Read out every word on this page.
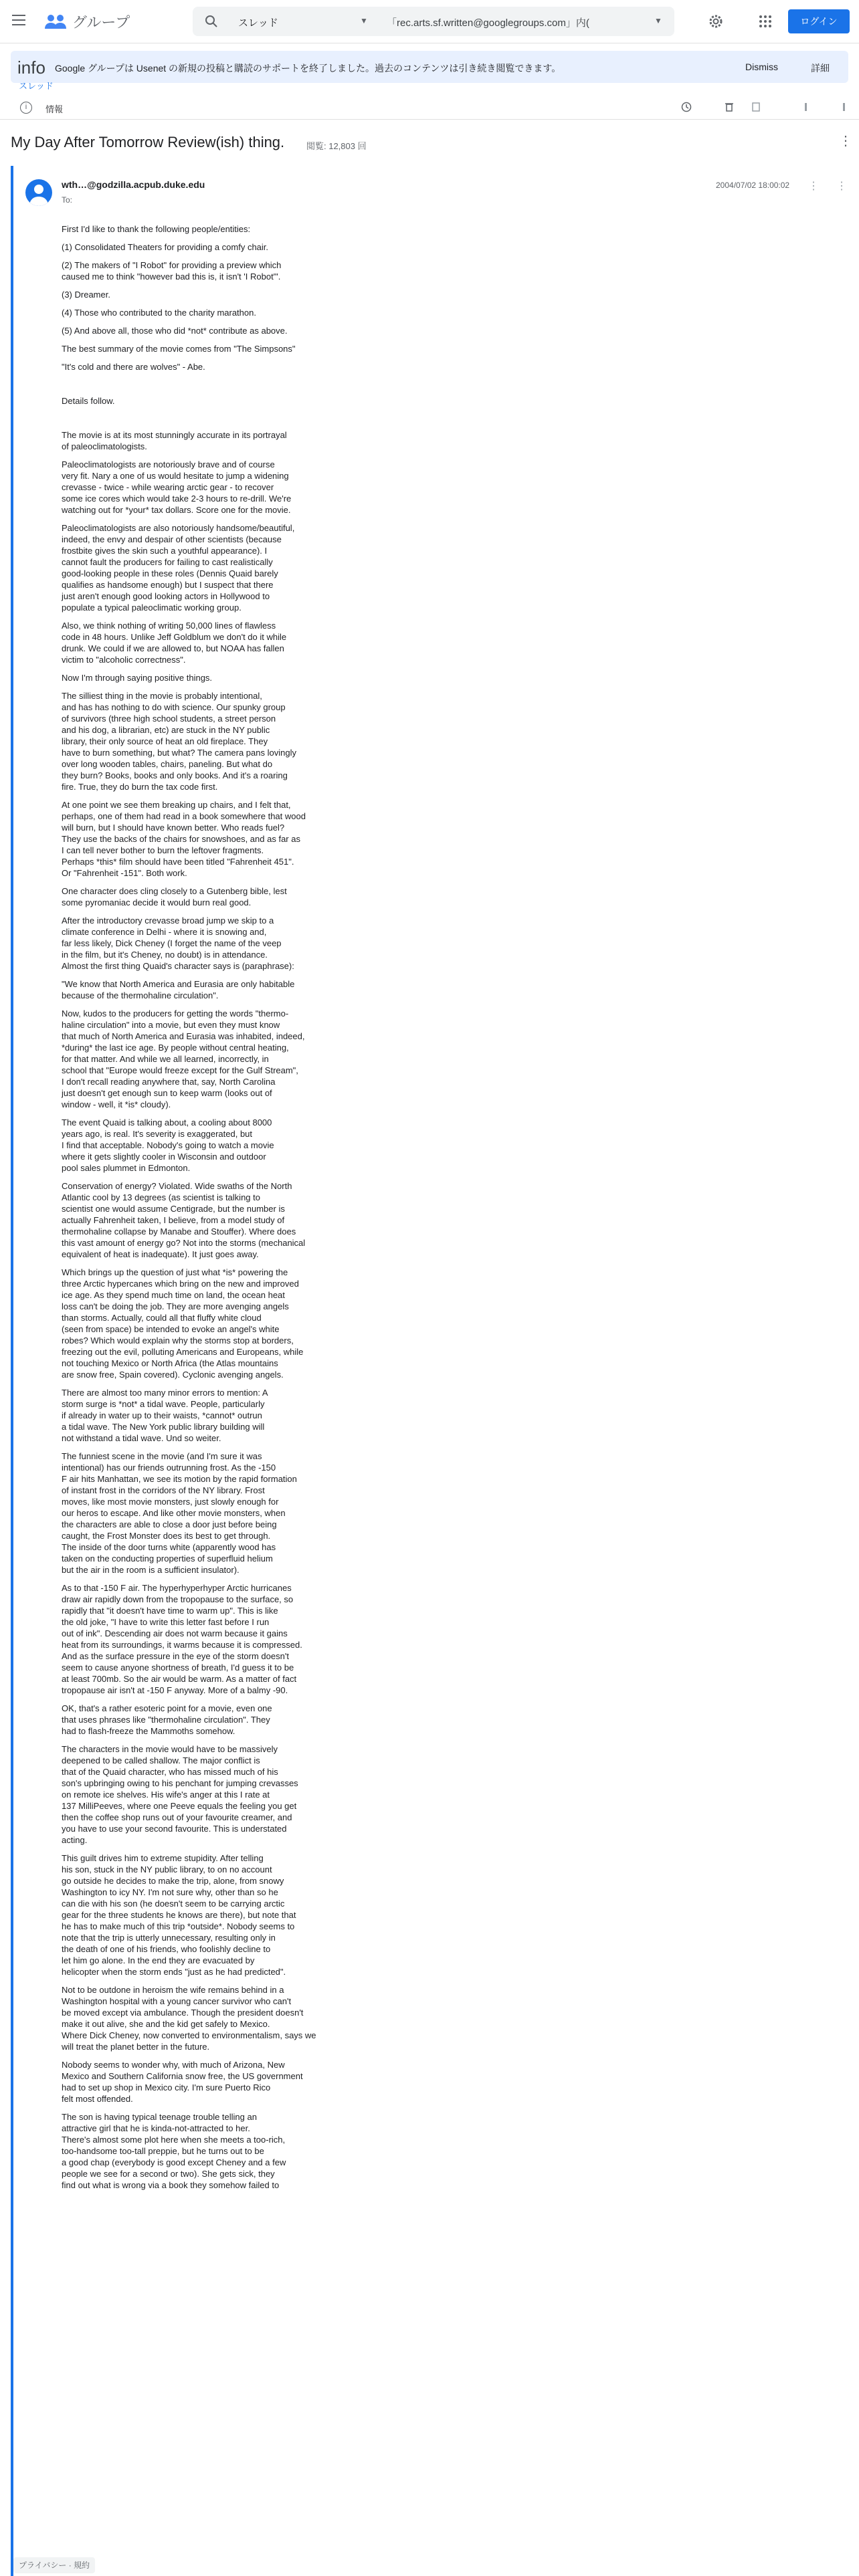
グループ	スレッド	▼ 「rec.arts.sf.written@googlegroups.com」内(	▼	ログイン
info Google グループは Usenet の新規の投稿と購読のサポートを終了しました。過去のコンテンツは引き続き閲覧できます。	Dismiss	詳細
スレッド
i	情報
My Day After Tomorrow Review(ish) thing.	閲覧: 12,803 回	⋮
wth…@godzilla.acpub.duke.edu
To:
2004/07/02 18:00:02 ⋮ ⋮

First I'd like to thank the following people/entities:

(1) Consolidated Theaters for providing a comfy chair.

(2) The makers of "I Robot" for providing a preview which
caused me to think "however bad this is, it isn't 'I Robot'".

(3) Dreamer.

(4) Those who contributed to the charity marathon.

(5) And above all, those who did *not* contribute as above.

The best summary of the movie comes from "The Simpsons"

"It's cold and there are wolves" - Abe.

Details follow.

The movie is at its most stunningly accurate in its portrayal
of paleoclimatologists.

Paleoclimatologists are notoriously brave and of course
very fit. Nary a one of us would hesitate to jump a widening
crevasse - twice - while wearing arctic gear - to recover
some ice cores which would take 2-3 hours to re-drill. We're
watching out for *your* tax dollars. Score one for the movie.

Paleoclimatologists are also notoriously handsome/beautiful,
indeed, the envy and despair of other scientists (because
frostbite gives the skin such a youthful appearance). I
cannot fault the producers for failing to cast realistically
good-looking people in these roles (Dennis Quaid barely
qualifies as handsome enough) but I suspect that there
just aren't enough good looking actors in Hollywood to
populate a typical paleoclimatic working group.

Also, we think nothing of writing 50,000 lines of flawless
code in 48 hours. Unlike Jeff Goldblum we don't do it while
drunk. We could if we are allowed to, but NOAA has fallen
victim to "alcoholic correctness".

Now I'm through saying positive things.

The silliest thing in the movie is probably intentional,
and has has nothing to do with science. Our spunky group
of survivors (three high school students, a street person
and his dog, a librarian, etc) are stuck in the NY public
library, their only source of heat an old fireplace. They
have to burn something, but what? The camera pans lovingly
over long wooden tables, chairs, paneling. But what do
they burn? Books, books and only books. And it's a roaring
fire. True, they do burn the tax code first.

At one point we see them breaking up chairs, and I felt that,
perhaps, one of them had read in a book somewhere that wood
will burn, but I should have known better. Who reads fuel?
They use the backs of the chairs for snowshoes, and as far as
I can tell never bother to burn the leftover fragments.
Perhaps *this* film should have been titled "Fahrenheit 451".
Or "Fahrenheit -151". Both work.

One character does cling closely to a Gutenberg bible, lest
some pyromaniac decide it would burn real good.

After the introductory crevasse broad jump we skip to a
climate conference in Delhi - where it is snowing and,
far less likely, Dick Cheney (I forget the name of the veep
in the film, but it's Cheney, no doubt) is in attendance.
Almost the first thing Quaid's character says is (paraphrase):

"We know that North America and Eurasia are only habitable
because of the thermohaline circulation".

Now, kudos to the producers for getting the words "thermo-
haline circulation" into a movie, but even they must know
that much of North America and Eurasia was inhabited, indeed,
*during* the last ice age. By people without central heating,
for that matter. And while we all learned, incorrectly, in
school that "Europe would freeze except for the Gulf Stream",
I don't recall reading anywhere that, say, North Carolina
just doesn't get enough sun to keep warm (looks out of
window - well, it *is* cloudy).

The event Quaid is talking about, a cooling about 8000
years ago, is real. It's severity is exaggerated, but
I find that acceptable. Nobody's going to watch a movie
where it gets slightly cooler in Wisconsin and outdoor
pool sales plummet in Edmonton.

Conservation of energy? Violated. Wide swaths of the North
Atlantic cool by 13 degrees (as scientist is talking to
scientist one would assume Centigrade, but the number is
actually Fahrenheit taken, I believe, from a model study of
thermohaline collapse by Manabe and Stouffer). Where does
this vast amount of energy go? Not into the storms (mechanical
equivalent of heat is inadequate). It just goes away.

Which brings up the question of just what *is* powering the
three Arctic hypercanes which bring on the new and improved
ice age. As they spend much time on land, the ocean heat
loss can't be doing the job. They are more avenging angels
than storms. Actually, could all that fluffy white cloud
(seen from space) be intended to evoke an angel's white
robes? Which would explain why the storms stop at borders,
freezing out the evil, polluting Americans and Europeans, while
not touching Mexico or North Africa (the Atlas mountains
are snow free, Spain covered). Cyclonic avenging angels.

There are almost too many minor errors to mention: A
storm surge is *not* a tidal wave. People, particularly
if already in water up to their waists, *cannot* outrun
a tidal wave. The New York public library building will
not withstand a tidal wave. Und so weiter.

The funniest scene in the movie (and I'm sure it was
intentional) has our friends outrunning frost. As the -150
F air hits Manhattan, we see its motion by the rapid formation
of instant frost in the corridors of the NY library. Frost
moves, like most movie monsters, just slowly enough for
our heros to escape. And like other movie monsters, when
the characters are able to close a door just before being
caught, the Frost Monster does its best to get through.
The inside of the door turns white (apparently wood has
taken on the conducting properties of superfluid helium
but the air in the room is a sufficient insulator).

As to that -150 F air. The hyperhyperhyper Arctic hurricanes
draw air rapidly down from the tropopause to the surface, so
rapidly that "it doesn't have time to warm up". This is like
the old joke, "I have to write this letter fast before I run
out of ink". Descending air does not warm because it gains
heat from its surroundings, it warms because it is compressed.
And as the surface pressure in the eye of the storm doesn't
seem to cause anyone shortness of breath, I'd guess it to be
at least 700mb. So the air would be warm. As a matter of fact
tropopause air isn't at -150 F anyway. More of a balmy -90.

OK, that's a rather esoteric point for a movie, even one
that uses phrases like "thermohaline circulation". They
had to flash-freeze the Mammoths somehow.

The characters in the movie would have to be massively
deepened to be called shallow. The major conflict is
that of the Quaid character, who has missed much of his
son's upbringing owing to his penchant for jumping crevasses
on remote ice shelves. His wife's anger at this I rate at
137 MilliPeeves, where one Peeve equals the feeling you get
then the coffee shop runs out of your favourite creamer, and
you have to use your second favourite. This is understated
acting.

This guilt drives him to extreme stupidity. After telling
his son, stuck in the NY public library, to on no account
go outside he decides to make the trip, alone, from snowy
Washington to icy NY. I'm not sure why, other than so he
can die with his son (he doesn't seem to be carrying arctic
gear for the three students he knows are there), but note that
he has to make much of this trip *outside*. Nobody seems to
note that the trip is utterly unnecessary, resulting only in
the death of one of his friends, who foolishly decline to
let him go alone. In the end they are evacuated by
helicopter when the storm ends "just as he had predicted".

Not to be outdone in heroism the wife remains behind in a
Washington hospital with a young cancer survivor who can't
be moved except via ambulance. Though the president doesn't
make it out alive, she and the kid get safely to Mexico.
Where Dick Cheney, now converted to environmentalism, says we
will treat the planet better in the future.

Nobody seems to wonder why, with much of Arizona, New
Mexico and Southern California snow free, the US government
had to set up shop in Mexico city. I'm sure Puerto Rico
felt most offended.

The son is having typical teenage trouble telling an
attractive girl that he is kinda-not-attracted to her.
There's almost some plot here when she meets a too-rich,
too-handsome too-tall preppie, but he turns out to be
a good chap (everybody is good except Cheney and a few
people we see for a second or two). She gets sick, they
find out what is wrong via a book they somehow failed to

プライバシー · 規約
